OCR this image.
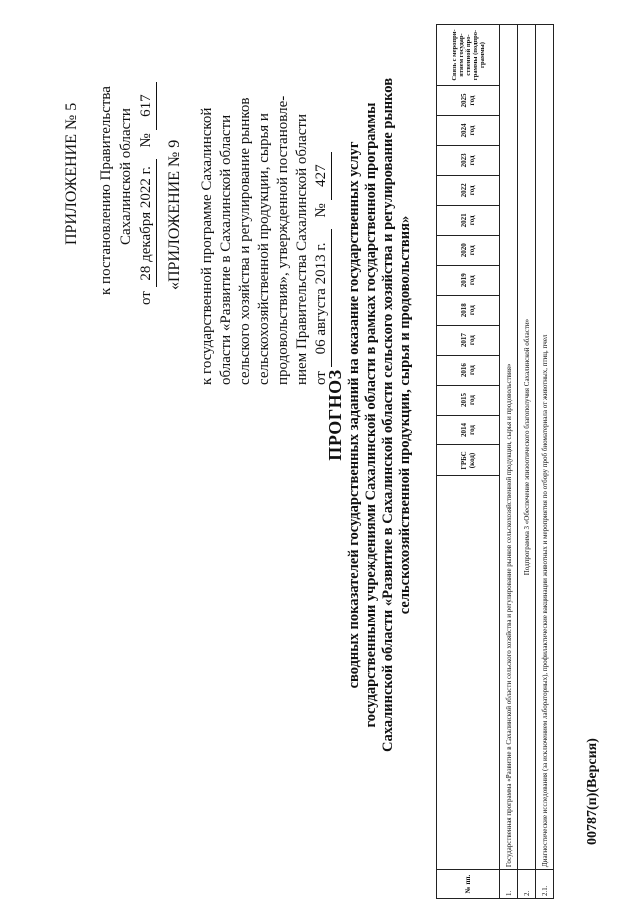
ПРИЛОЖЕНИЕ № 5 к постановлению Правительства Сахалинской области
от 28 декабря 2022 г. № 617
«ПРИЛОЖЕНИЕ № 9 к государственной программе Сахалинской области «Развитие в Сахалинской области сельского хозяйства и регулирование рынков сельскохозяйственной продукции, сырья и продовольствия», утвержденной постановле- нием Правительства Сахалинской области от 06 августа 2013 г. № 427
ПРОГНОЗ сводных показателей государственных заданий на оказание государственных услуг государственными учреждениями Сахалинской области в рамках государственной программы Сахалинской области «Развитие в Сахалинской области сельского хозяйства и регулирование рынков сельскохозяйственной продукции, сырья и продовольствия»
№ пп.		ГРБС (код)	2014 год	2015 год	2016 год	2017 год	2018 год	2019 год	2020 год	2021 год	2022 год	2023 год	2024 год	2025 год	Связь с меропри- ятием государ- ственной про- граммы (подпро- граммы)
1.	Государственная программа «Развитие в Сахалинской области сельского хозяйства и регулирование рынков сельскохозяйственной продукции, сырья и продовольствия»														
2.	Подпрограмма 3 «Обеспечение эпизоотического благополучия Сахалинской области»														
2.1.	Диагностические исследования (за исключением лабораторных), профилактические вакцинации животных и мероприятия по отбору проб биоматериала от животных, птиц, пчел															00787(п)(Версия)
